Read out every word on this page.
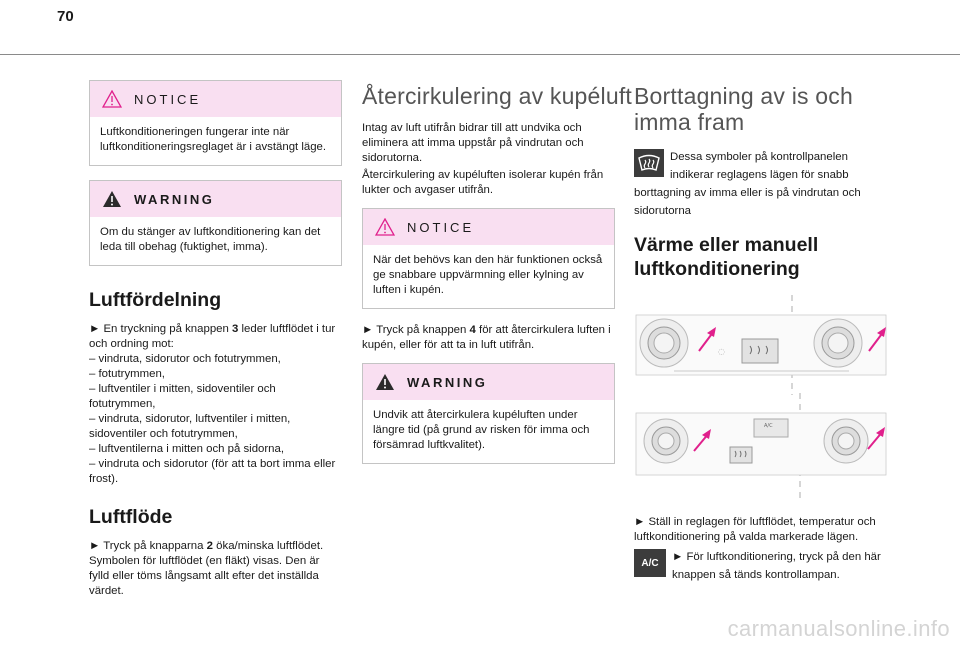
70
NOTICE
Luftkonditioneringen fungerar inte när luftkonditioneringsreglaget är i avstängt läge.
WARNING
Om du stänger av luftkonditionering kan det leda till obehag (fuktighet, imma).
Luftfördelning

► En tryckning på knappen 3 leder luftflödet i tur och ordning mot:
– vindruta, sidorutor och fotutrymmen,
– fotutrymmen,
– luftventiler i mitten, sidoventiler och fotutrymmen,
– vindruta, sidorutor, luftventiler i mitten, sidoventiler och fotutrymmen,
– luftventilerna i mitten och på sidorna,
– vindruta och sidorutor (för att ta bort imma eller frost).

Luftflöde

► Tryck på knapparna 2 öka/minska luftflödet. Symbolen för luftflödet (en fläkt) visas. Den är fylld eller töms långsamt allt efter det inställda värdet.

Återcirkulering av kupéluft

Intag av luft utifrån bidrar till att undvika och eliminera att imma uppstår på vindrutan och sidorutorna.

Återcirkulering av kupéluften isolerar kupén från lukter och avgaser utifrån.

NOTICE
När det behövs kan den här funktionen också ge snabbare uppvärmning eller kylning av luften i kupén.

► Tryck på knappen 4 för att återcirkulera luften i kupén, eller för att ta in luft utifrån.

WARNING
Undvik att återcirkulera kupéluften under längre tid (på grund av risken för imma och försämrad luftkvalitet).
Borttagning av is och imma fram
Dessa symboler på kontrollpanelen indikerar reglagens lägen för snabb borttagning av imma eller is på vindrutan och sidorutorna
Värme eller manuell luftkonditionering
◌
A/C

► Ställ in reglagen för luftflödet, temperatur och luftkonditionering på valda markerade lägen.

A/C	► För luftkonditionering, tryck på den här knappen så tänds kontrollampan.
carmanualsonline.info
